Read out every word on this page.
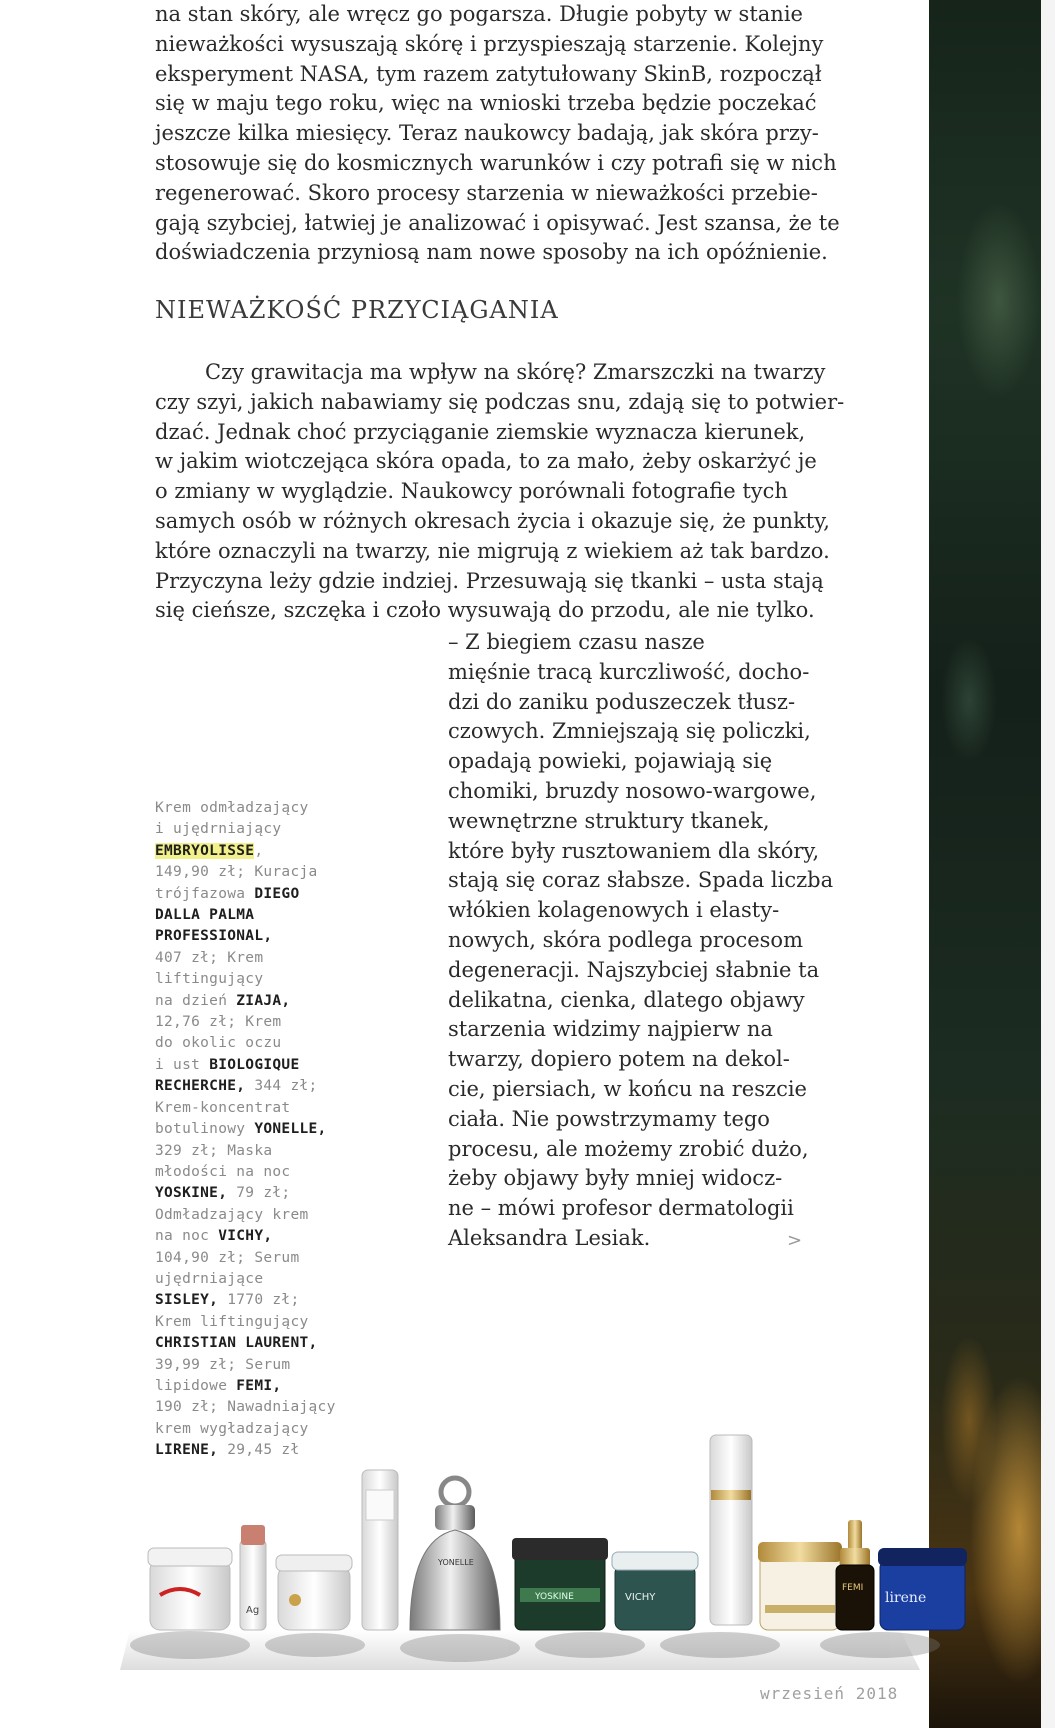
na stan skóry, ale wręcz go pogarsza. Długie pobyty w stanie
nieważkości wysuszają skórę i przyspieszają starzenie. Kolejny
eksperyment NASA, tym razem zatytułowany SkinB, rozpoczął
się w maju tego roku, więc na wnioski trzeba będzie poczekać
jeszcze kilka miesięcy. Teraz naukowcy badają, jak skóra przy-
stosowuje się do kosmicznych warunków i czy potrafi się w nich
regenerować. Skoro procesy starzenia w nieważkości przebie-
gają szybciej, łatwiej je analizować i opisywać. Jest szansa, że te
doświadczenia przyniosą nam nowe sposoby na ich opóźnienie.
NIEWAŻKOŚĆ PRZYCIĄGANIA
Czy grawitacja ma wpływ na skórę? Zmarszczki na twarzy
czy szyi, jakich nabawiamy się podczas snu, zdają się to potwier-
dzać. Jednak choć przyciąganie ziemskie wyznacza kierunek,
w jakim wiotczejąca skóra opada, to za mało, żeby oskarżyć je
o zmiany w wyglądzie. Naukowcy porównali fotografie tych
samych osób w różnych okresach życia i okazuje się, że punkty,
które oznaczyli na twarzy, nie migrują z wiekiem aż tak bardzo.
Przyczyna leży gdzie indziej. Przesuwają się tkanki – usta stają
się cieńsze, szczęka i czoło wysuwają do przodu, ale nie tylko.
– Z biegiem czasu nasze
mięśnie tracą kurczliwość, docho-
dzi do zaniku poduszeczek tłusz-
czowych. Zmniejszają się policzki,
opadają powieki, pojawiają się
chomiki, bruzdy nosowo-wargowe,
wewnętrzne struktury tkanek,
które były rusztowaniem dla skóry,
stają się coraz słabsze. Spada liczba
włókien kolagenowych i elasty-
nowych, skóra podlega procesom
degeneracji. Najszybciej słabnie ta
delikatna, cienka, dlatego objawy
starzenia widzimy najpierw na
twarzy, dopiero potem na dekol-
cie, piersiach, w końcu na reszcie
ciała. Nie powstrzymamy tego
procesu, ale możemy zrobić dużo,
żeby objawy były mniej widocz-
ne – mówi profesor dermatologii
Aleksandra Lesiak.
Krem odmładzający
i ujędrniający
EMBRYOLISSE,
149,90 zł; Kuracja
trójfazowa DIEGO
DALLA PALMA
PROFESSIONAL,
407 zł; Krem
liftingujący
na dzień ZIAJA,
12,76 zł; Krem
do okolic oczu
i ust BIOLOGIQUE
RECHERCHE, 344 zł;
Krem-koncentrat
botulinowy YONELLE,
329 zł; Maska
młodości na noc
YOSKINE, 79 zł;
Odmładzający krem
na noc VICHY,
104,90 zł; Serum
ujędrniające
SISLEY, 1770 zł;
Krem liftingujący
CHRISTIAN LAURENT,
39,99 zł; Serum
lipidowe FEMI,
190 zł; Nawadniający
krem wygładzający
LIRENE, 29,45 zł
>
Ag
YONELLE
YOSKINE	VICHY
FEMI
lirene
wrzesień 2018
